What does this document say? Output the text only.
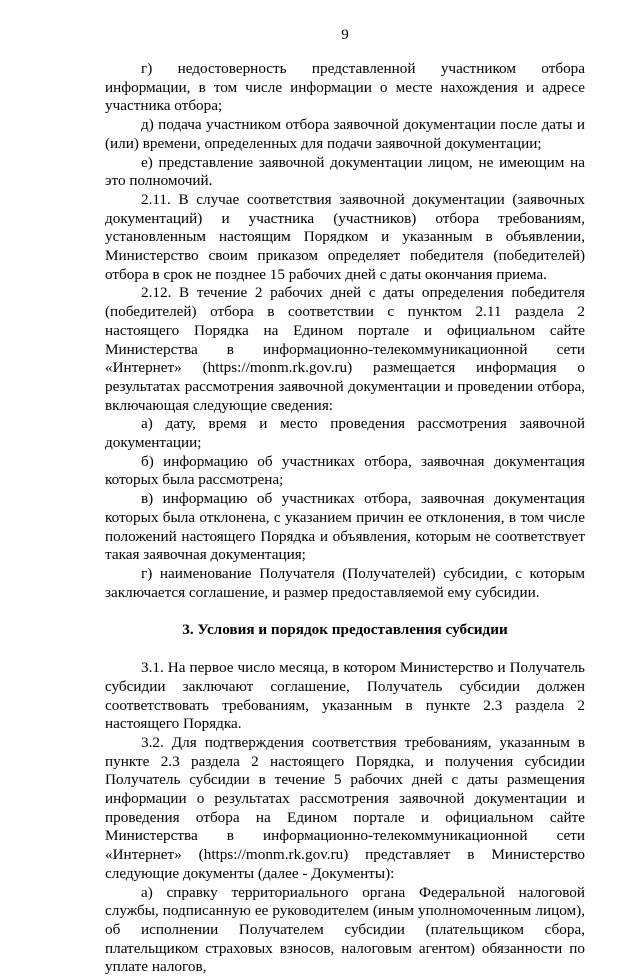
9

г) недостоверность представленной участником отбора информации, в том числе информации о месте нахождения и адресе участника отбора;

д) подача участником отбора заявочной документации после даты и (или) времени, определенных для подачи заявочной документации;

е) представление заявочной документации лицом, не имеющим на это полномочий.

2.11. В случае соответствия заявочной документации (заявочных документаций) и участника (участников) отбора требованиям, установленным настоящим Порядком и указанным в объявлении, Министерство своим приказом определяет победителя (победителей) отбора в срок не позднее 15 рабочих дней с даты окончания приема.

2.12. В течение 2 рабочих дней с даты определения победителя (победителей) отбора в соответствии с пунктом 2.11 раздела 2 настоящего Порядка на Едином портале и официальном сайте Министерства в информационно-телекоммуникационной сети «Интернет» (https://monm.rk.gov.ru) размещается информация о результатах рассмотрения заявочной документации и проведении отбора, включающая следующие сведения:

а) дату, время и место проведения рассмотрения заявочной документации;

б) информацию об участниках отбора, заявочная документация которых была рассмотрена;

в) информацию об участниках отбора, заявочная документация которых была отклонена, с указанием причин ее отклонения, в том числе положений настоящего Порядка и объявления, которым не соответствует такая заявочная документация;

г) наименование Получателя (Получателей) субсидии, с которым заключается соглашение, и размер предоставляемой ему субсидии.

3. Условия и порядок предоставления субсидии

3.1. На первое число месяца, в котором Министерство и Получатель субсидии заключают соглашение, Получатель субсидии должен соответствовать требованиям, указанным в пункте 2.3 раздела 2 настоящего Порядка.

3.2. Для подтверждения соответствия требованиям, указанным в пункте 2.3 раздела 2 настоящего Порядка, и получения субсидии Получатель субсидии в течение 5 рабочих дней с даты размещения информации о результатах рассмотрения заявочной документации и проведения отбора на Едином портале и официальном сайте Министерства в информационно-телекоммуникационной сети «Интернет» (https://monm.rk.gov.ru) представляет в Министерство следующие документы (далее - Документы):

а) справку территориального органа Федеральной налоговой службы, подписанную ее руководителем (иным уполномоченным лицом), об исполнении Получателем субсидии (плательщиком сбора, плательщиком страховых взносов, налоговым агентом) обязанности по уплате налогов,
